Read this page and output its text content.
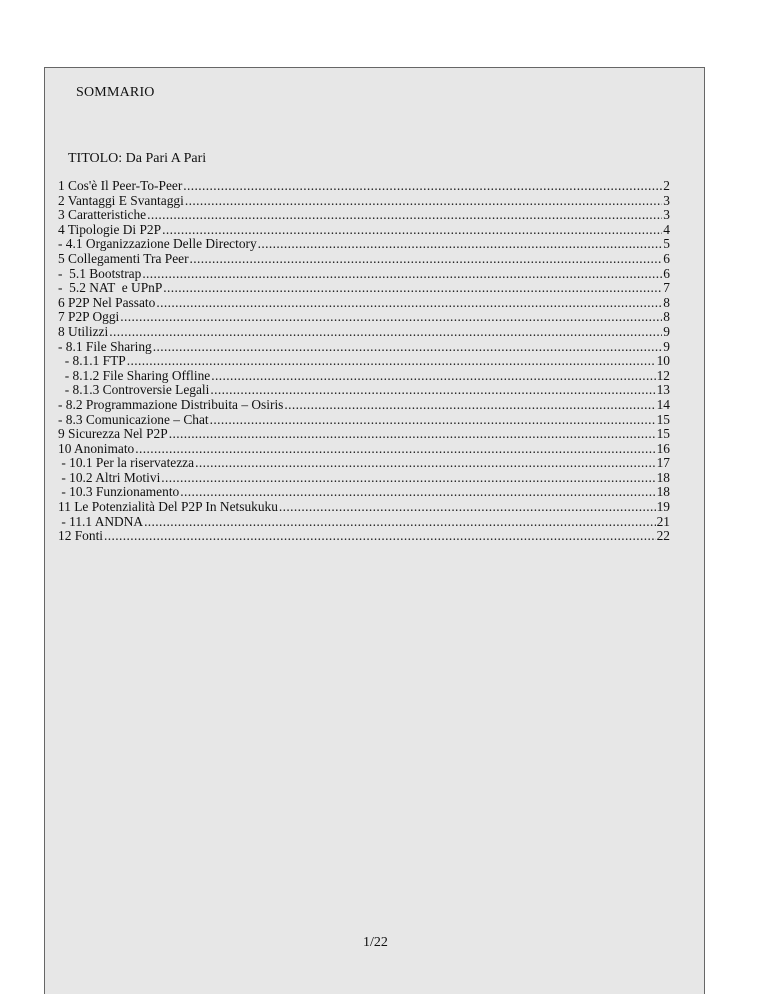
SOMMARIO
TITOLO: Da Pari A Pari
1 Cos'è Il Peer-To-Peer .....	2
2 Vantaggi E Svantaggi .....	3
3 Caratteristiche .....	3
4 Tipologie Di P2P .....	4
- 4.1 Organizzazione Delle Directory .....	5
5 Collegamenti Tra Peer .....	6
-  5.1 Bootstrap .....	6
-  5.2 NAT  e UPnP .....	7
6 P2P Nel Passato .....	8
7 P2P Oggi .....	8
8 Utilizzi .....	9
- 8.1 File Sharing .....	9
- 8.1.1 FTP .....	10
- 8.1.2 File Sharing Offline .....	12
- 8.1.3 Controversie Legali .....	13
- 8.2 Programmazione Distribuita – Osiris .....	14
- 8.3 Comunicazione – Chat .....	15
9 Sicurezza Nel P2P .....	15
10 Anonimato .....	16
- 10.1 Per la riservatezza .....	17
- 10.2 Altri Motivi .....	18
- 10.3 Funzionamento .....	18
11 Le Potenzialità Del P2P In Netsukuku .....	19
- 11.1 ANDNA .....	21
12 Fonti .....	22
1/22
